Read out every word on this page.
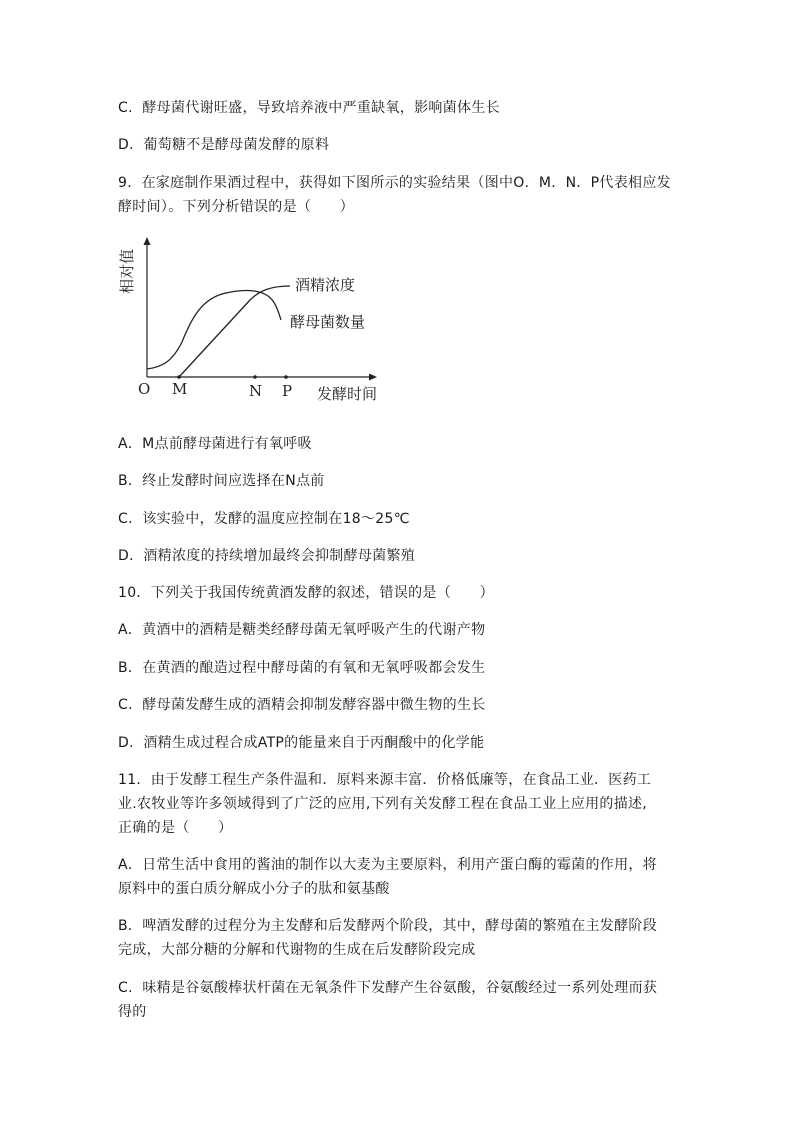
C．酵母菌代谢旺盛，导致培养液中严重缺氧，影响菌体生长
D．葡萄糖不是酵母菌发酵的原料
9．在家庭制作果酒过程中，获得如下图所示的实验结果（图中O．M．N．P代表相应发
酵时间）。下列分析错误的是（　　）
相对值
O M	N P 发酵时间
酒精浓度
酵母菌数量
A．M点前酵母菌进行有氧呼吸
B．终止发酵时间应选择在N点前
C．该实验中，发酵的温度应控制在18～25℃
D．酒精浓度的持续增加最终会抑制酵母菌繁殖
10．下列关于我国传统黄酒发酵的叙述，错误的是（　　）
A．黄酒中的酒精是糖类经酵母菌无氧呼吸产生的代谢产物
B．在黄酒的酿造过程中酵母菌的有氧和无氧呼吸都会发生
C．酵母菌发酵生成的酒精会抑制发酵容器中微生物的生长
D．酒精生成过程合成ATP的能量来自于丙酮酸中的化学能
11．由于发酵工程生产条件温和．原料来源丰富．价格低廉等，在食品工业．医药工
业.农牧业等许多领域得到了广泛的应用,下列有关发酵工程在食品工业上应用的描述,
正确的是（　　）
A．日常生活中食用的酱油的制作以大麦为主要原料，利用产蛋白酶的霉菌的作用，将
原料中的蛋白质分解成小分子的肽和氨基酸
B．啤酒发酵的过程分为主发酵和后发酵两个阶段，其中，酵母菌的繁殖在主发酵阶段
完成，大部分糖的分解和代谢物的生成在后发酵阶段完成
C．味精是谷氨酸棒状杆菌在无氧条件下发酵产生谷氨酸，谷氨酸经过一系列处理而获
得的
